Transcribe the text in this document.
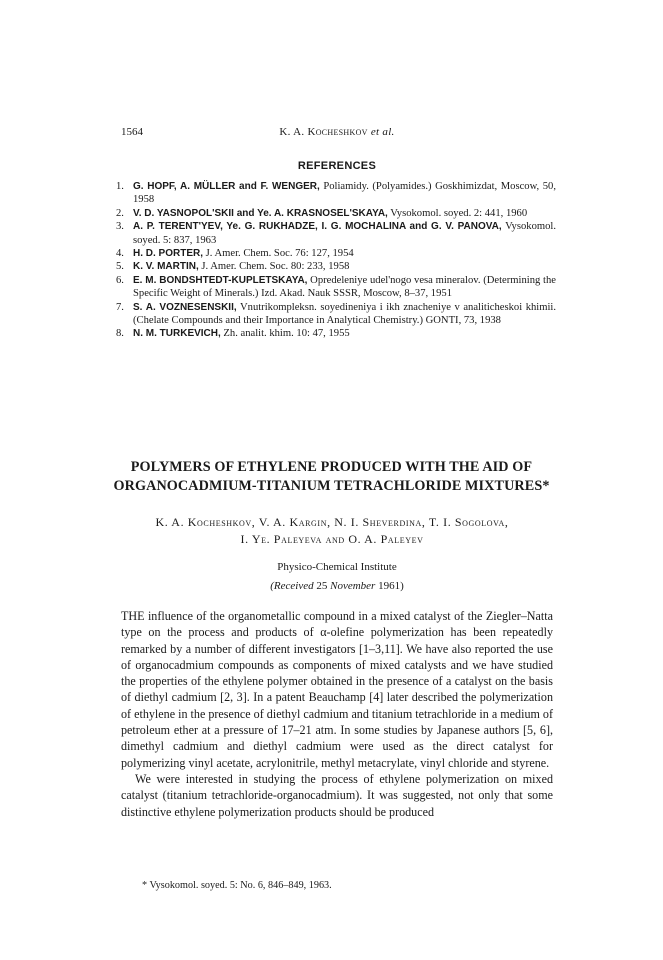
1564	K. A. Kocheshkov et al.
REFERENCES
1. G. HOPF, A. MÜLLER and F. WENGER, Poliamidy. (Polyamides.) Goskhimizdat, Moscow, 50, 1958
2. V. D. YASNOPOL'SKII and Ye. A. KRASNOSEL'SKAYA, Vysokomol. soyed. 2: 441, 1960
3. A. P. TERENT'YEV, Ye. G. RUKHADZE, I. G. MOCHALINA and G. V. PANOVA, Vysokomol. soyed. 5: 837, 1963
4. H. D. PORTER, J. Amer. Chem. Soc. 76: 127, 1954
5. K. V. MARTIN, J. Amer. Chem. Soc. 80: 233, 1958
6. E. M. BONDSHTEDT-KUPLETSKAYA, Opredeleniye udel'nogo vesa mineralov. (Determining the Specific Weight of Minerals.) Izd. Akad. Nauk SSSR, Moscow, 8–37, 1951
7. S. A. VOZNESENSKII, Vnutrikompleksn. soyedineniya i ikh znacheniye v analiticheskoi khimii. (Chelate Compounds and their Importance in Analytical Chemistry.) GONTI, 73, 1938
8. N. M. TURKEVICH, Zh. analit. khim. 10: 47, 1955
POLYMERS OF ETHYLENE PRODUCED WITH THE AID OF ORGANOCADMIUM-TITANIUM TETRACHLORIDE MIXTURES*
K. A. Kocheshkov, V. A. Kargin, N. I. Sheverdina, T. I. Sogolova,
I. Ye. Paleyeva and O. A. Paleyev
Physico-Chemical Institute
(Received 25 November 1961)

THE influence of the organometallic compound in a mixed catalyst of the Ziegler–Natta type on the process and products of α-olefine polymerization has been repeatedly remarked by a number of different investigators [1–3,11]. We have also reported the use of organocadmium compounds as components of mixed catalysts and we have studied the properties of the ethylene polymer obtained in the presence of a catalyst on the basis of diethyl cadmium [2, 3]. In a patent Beauchamp [4] later described the polymerization of ethylene in the presence of diethyl cadmium and titanium tetrachloride in a medium of petroleum ether at a pressure of 17–21 atm. In some studies by Japanese authors [5, 6], dimethyl cadmium and diethyl cadmium were used as the direct catalyst for polymerizing vinyl acetate, acrylonitrile, methyl metacrylate, vinyl chloride and styrene.

We were interested in studying the process of ethylene polymerization on mixed catalyst (titanium tetrachloride-organocadmium). It was suggested, not only that some distinctive ethylene polymerization products should be produced

* Vysokomol. soyed. 5: No. 6, 846–849, 1963.
